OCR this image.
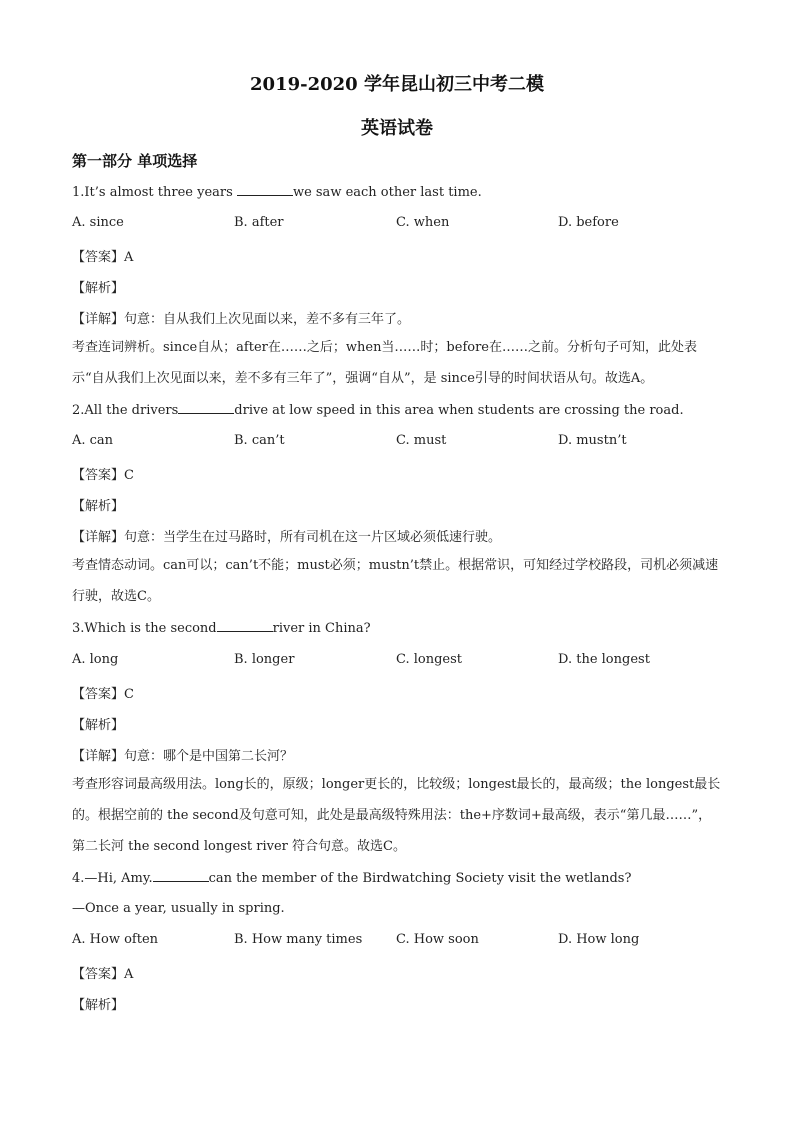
2019-2020 学年昆山初三中考二模
英语试卷
第一部分 单项选择
1.It’s almost three years	we saw each other last time.
A. since	B. after	C. when	D. before
【答案】A
【解析】
【详解】句意：自从我们上次见面以来，差不多有三年了。
考查连词辨析。since自从；after在……之后；when当……时；before在……之前。分析句子可知，此处表示“自从我们上次见面以来，差不多有三年了”，强调“自从”，是 since引导的时间状语从句。故选A。
2.All the drivers	drive at low speed in this area when students are crossing the road.
A. can	B. can’t	C. must	D. mustn’t
【答案】C
【解析】
【详解】句意：当学生在过马路时，所有司机在这一片区域必须低速行驶。
考查情态动词。can可以；can’t不能；must必须；mustn’t禁止。根据常识，可知经过学校路段，司机必须减速行驶，故选C。
3.Which is the second	river in China?
A. long	B. longer	C. longest	D. the longest
【答案】C
【解析】
【详解】句意：哪个是中国第二长河？
考查形容词最高级用法。long长的，原级；longer更长的，比较级；longest最长的，最高级；the longest最长的。根据空前的 the second及句意可知，此处是最高级特殊用法：the+序数词+最高级，表示“第几最……”，第二长河 the second longest river 符合句意。故选C。
4.—Hi, Amy.	can the member of the Birdwatching Society visit the wetlands?
—Once a year, usually in spring.
A. How often	B. How many times	C. How soon	D. How long
【答案】A
【解析】
